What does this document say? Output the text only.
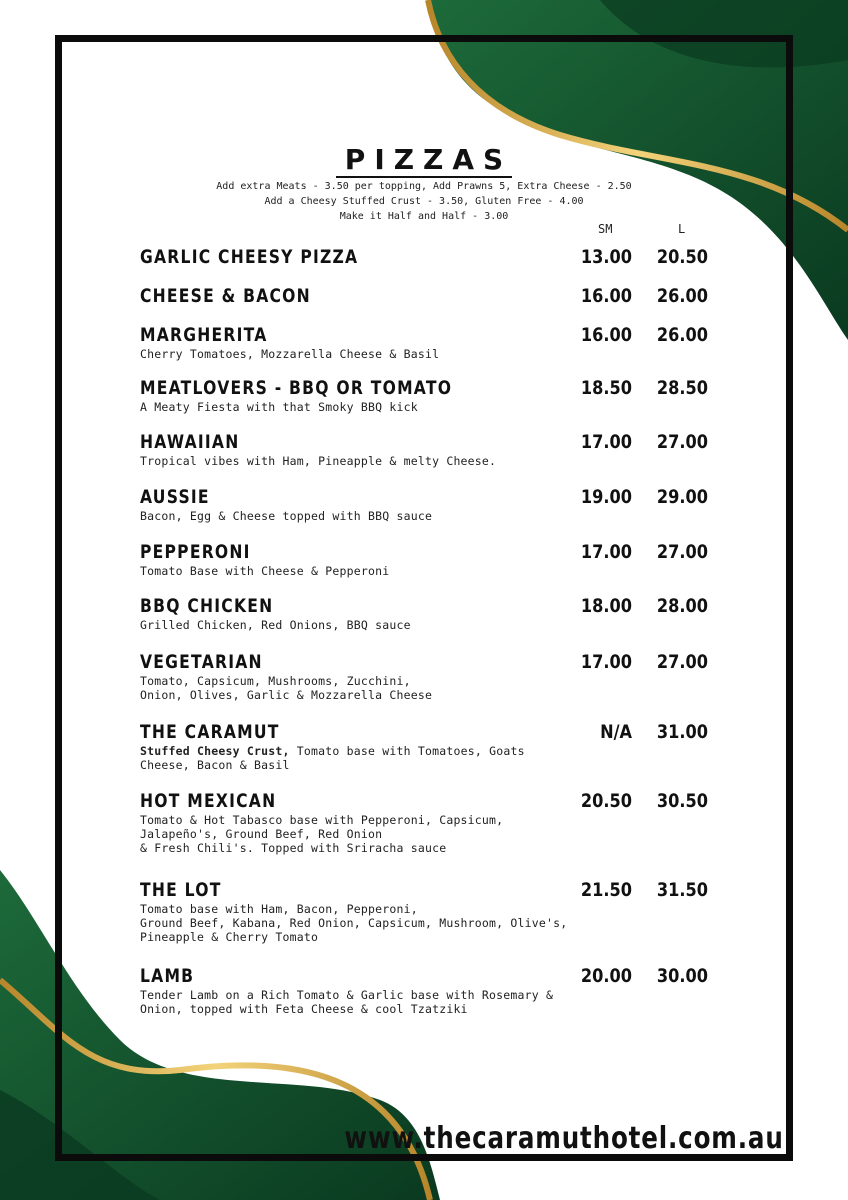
PIZZAS
Add extra Meats - 3.50 per topping, Add Prawns 5, Extra Cheese - 2.50
Add a Cheesy Stuffed Crust - 3.50, Gluten Free - 4.00
Make it Half and Half - 3.00
SM	L
GARLIC CHEESY PIZZA	13.00	20.50
CHEESE & BACON	16.00	26.00
MARGHERITA
Cherry Tomatoes, Mozzarella Cheese & Basil
16.00	26.00
MEATLOVERS - BBQ OR TOMATO
A Meaty Fiesta with that Smoky BBQ kick
18.50	28.50
HAWAIIAN
Tropical vibes with Ham, Pineapple & melty Cheese.
17.00	27.00
AUSSIE
Bacon, Egg & Cheese topped with BBQ sauce
19.00	29.00
PEPPERONI
Tomato Base with Cheese & Pepperoni
17.00	27.00
BBQ CHICKEN
Grilled Chicken, Red Onions, BBQ sauce
18.00	28.00
VEGETARIAN
Tomato, Capsicum, Mushrooms, Zucchini,
Onion, Olives, Garlic & Mozzarella Cheese
17.00	27.00
THE CARAMUT
Stuffed Cheesy Crust, Tomato base with Tomatoes, Goats
Cheese, Bacon & Basil
N/A	31.00
HOT MEXICAN
Tomato & Hot Tabasco base with Pepperoni, Capsicum,
Jalapeño's, Ground Beef, Red Onion
& Fresh Chili's. Topped with Sriracha sauce
20.50	30.50
THE LOT
Tomato base with Ham, Bacon, Pepperoni,
Ground Beef, Kabana, Red Onion, Capsicum, Mushroom, Olive's,
Pineapple & Cherry Tomato
21.50	31.50
LAMB
Tender Lamb on a Rich Tomato & Garlic base with Rosemary &
Onion, topped with Feta Cheese & cool Tzatziki
20.00	30.00
www.thecaramuthotel.com.au
